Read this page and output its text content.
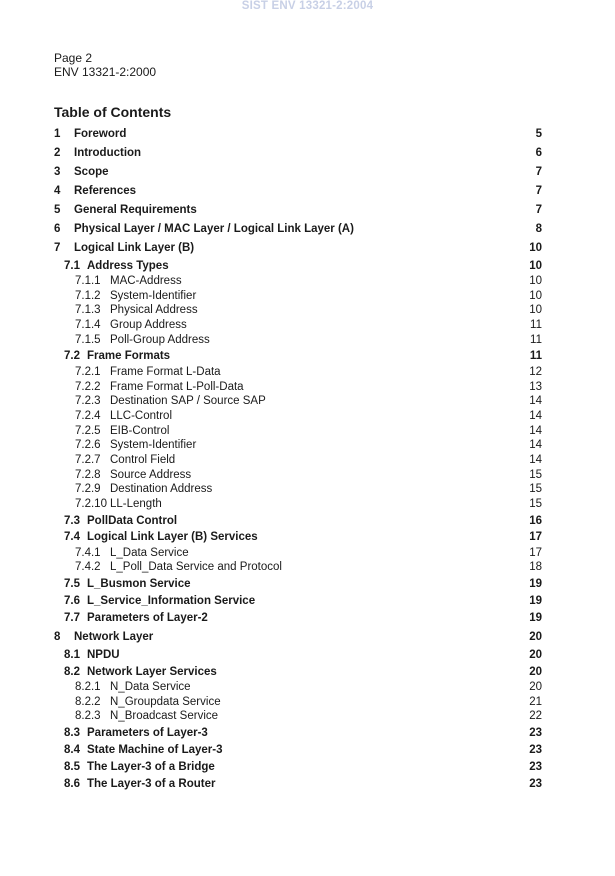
SIST ENV 13321-2:2004
Page 2
ENV 13321-2:2000
Table of Contents
1 Foreword	5
2 Introduction	6
3 Scope	7
4 References	7
5 General Requirements	7
6 Physical Layer / MAC Layer / Logical Link Layer (A)	8
7 Logical Link Layer (B)	10
7.1 Address Types	10
7.1.1 MAC-Address	10
7.1.2 System-Identifier	10
7.1.3 Physical Address	10
7.1.4 Group Address	11
7.1.5 Poll-Group Address	11
7.2 Frame Formats	11
7.2.1 Frame Format L-Data	12
7.2.2 Frame Format L-Poll-Data	13
7.2.3 Destination SAP / Source SAP	14
7.2.4 LLC-Control	14
7.2.5 EIB-Control	14
7.2.6 System-Identifier	14
7.2.7 Control Field	14
7.2.8 Source Address	15
7.2.9 Destination Address	15
7.2.10 LL-Length	15
7.3 PollData Control	16
7.4 Logical Link Layer (B) Services	17
7.4.1 L_Data Service	17
7.4.2 L_Poll_Data Service and Protocol	18
7.5 L_Busmon Service	19
7.6 L_Service_Information Service	19
7.7 Parameters of Layer-2	19
8 Network Layer	20
8.1 NPDU	20
8.2 Network Layer Services	20
8.2.1 N_Data Service	20
8.2.2 N_Groupdata Service	21
8.2.3 N_Broadcast Service	22
8.3 Parameters of Layer-3	23
8.4 State Machine of Layer-3	23
8.5 The Layer-3 of a Bridge	23
8.6 The Layer-3 of a Router	23
